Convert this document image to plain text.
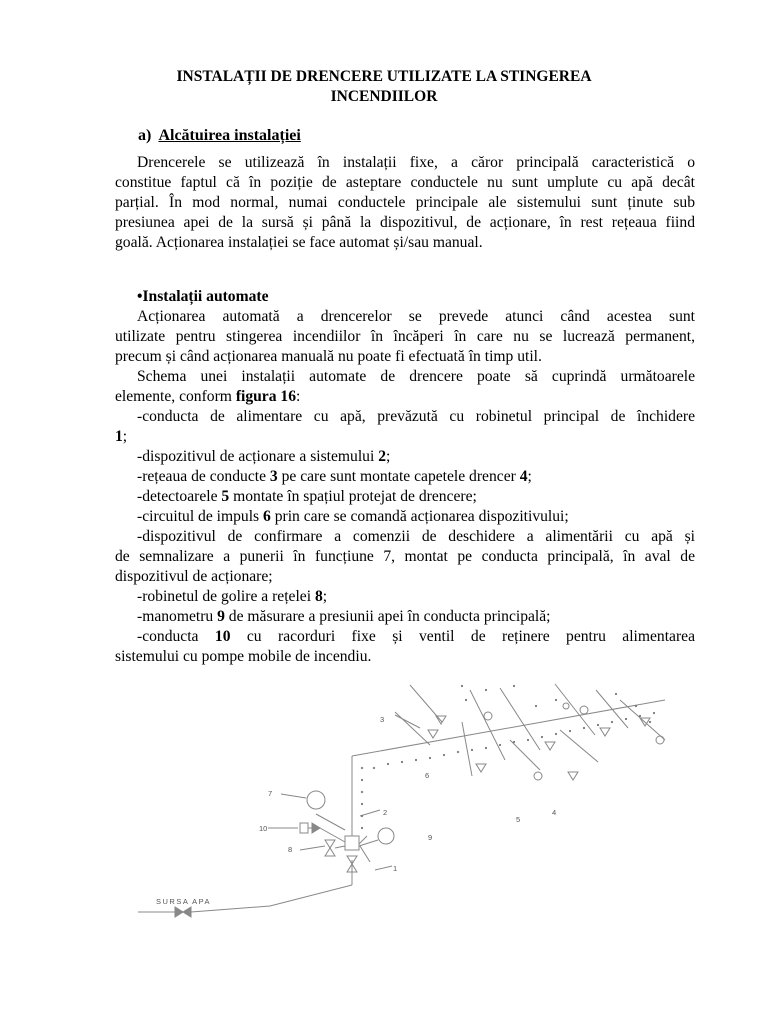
INSTALAȚII DE DRENCERE UTILIZATE LA STINGEREA
INCENDIILOR
a) Alcătuirea instalației

Drencerele se utilizează în instalații fixe, a căror principală caracteristică o

constitue faptul că în poziție de asteptare conductele nu sunt umplute cu apă decât

parțial. În mod normal, numai conductele principale ale sistemului sunt ținute sub

presiunea apei de la sursă și până la dispozitivul, de acționare, în rest rețeaua fiind

goală. Acționarea instalației se face automat și/sau manual.

•Instalații automate

Acționarea automată a drencerelor se prevede atunci când acestea sunt

utilizate pentru stingerea incendiilor în încăperi în care nu se lucrează permanent,

precum și când acționarea manuală nu poate fi efectuată în timp util.

Schema unei instalații automate de drencere poate să cuprindă următoarele

elemente, conform figura 16:

-conducta de alimentare cu apă, prevăzută cu robinetul principal de închidere

1;

-dispozitivul de acționare a sistemului 2;

-rețeaua de conducte 3 pe care sunt montate capetele drencer 4;

-detectoarele 5 montate în spațiul protejat de drencere;

-circuitul de impuls 6 prin care se comandă acționarea dispozitivului;

-dispozitivul de confirmare a comenzii de deschidere a alimentării cu apă și

de semnalizare a punerii în funcțiune 7, montat pe conducta principală, în aval de

dispozitivul de acționare;

-robinetul de golire a rețelei 8;

-manometru 9 de măsurare a presiunii apei în conducta principală;

-conducta 10 cu racorduri fixe și ventil de reținere pentru alimentarea

sistemului cu pompe mobile de incendiu.

3
6
5
4
7
2
10
8
9
1
SURSA APA
